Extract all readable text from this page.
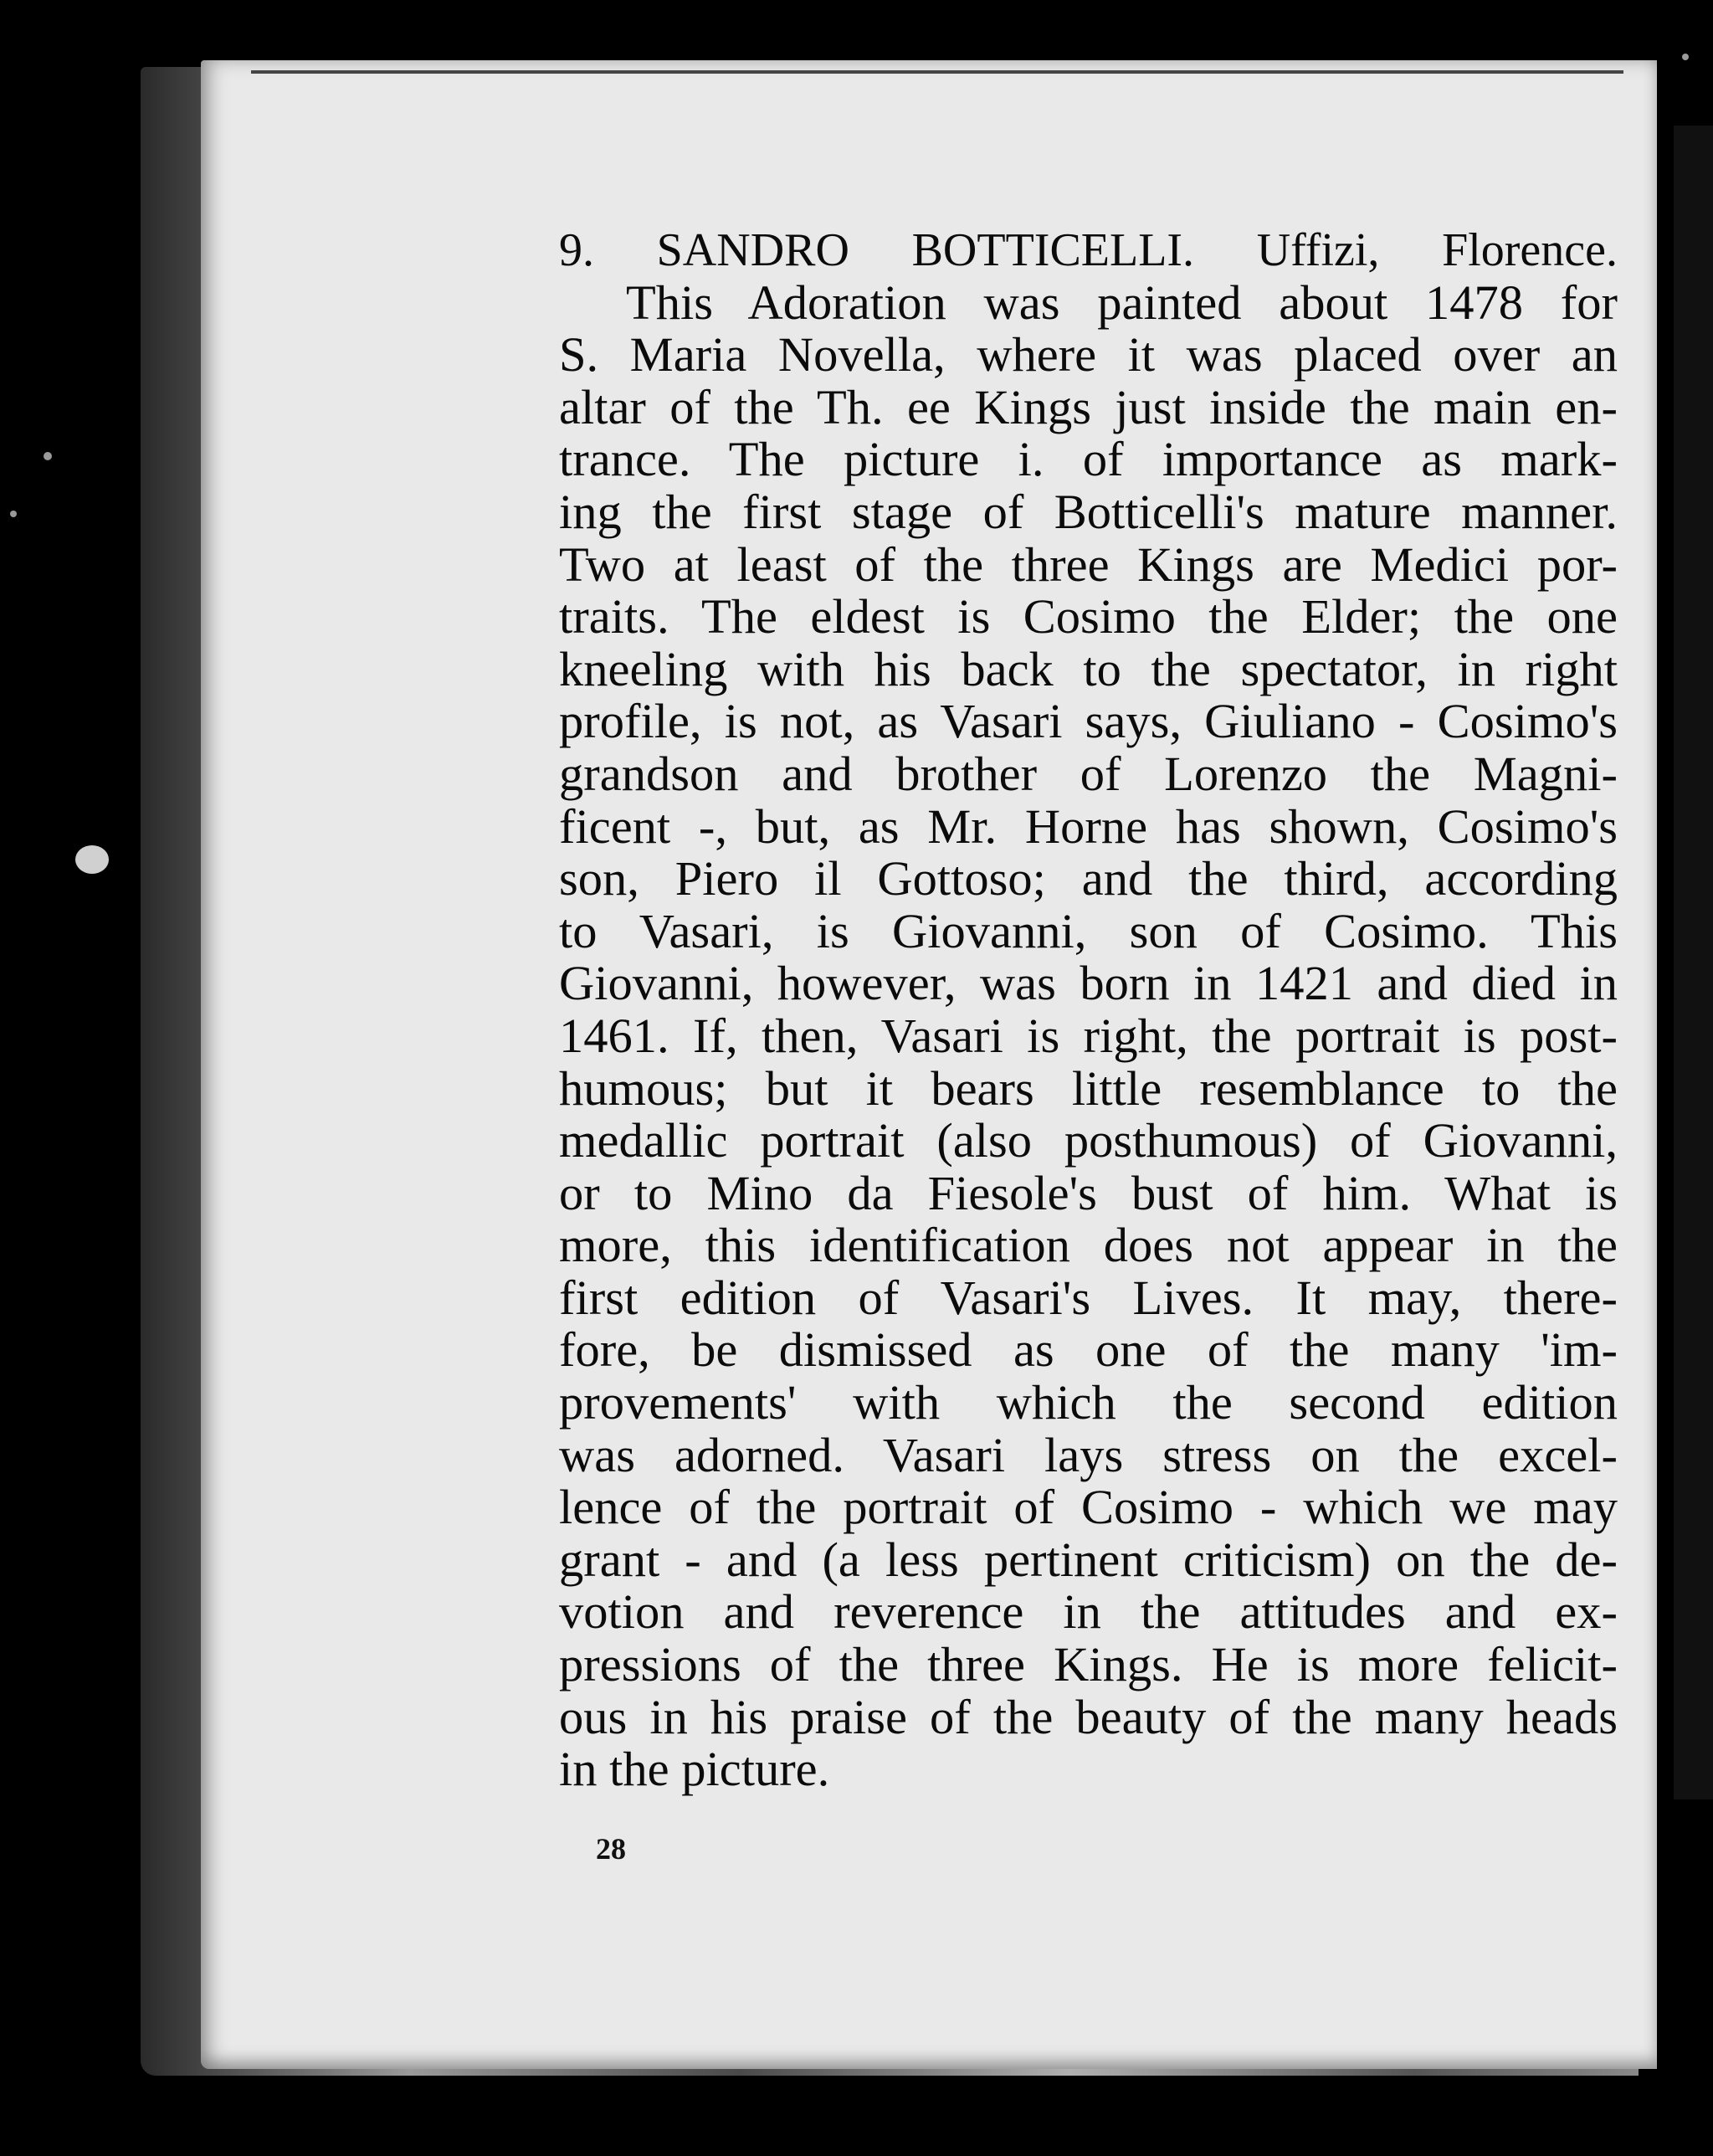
9. SANDRO BOTTICELLI. Uffizi, Florence.
This Adoration was painted about 1478 for
S. Maria Novella, where it was placed over an
altar of the Th. ee Kings just inside the main en-
trance. The picture i. of importance as mark-
ing the first stage of Botticelli's mature manner.
Two at least of the three Kings are Medici por-
traits. The eldest is Cosimo the Elder; the one
kneeling with his back to the spectator, in right
profile, is not, as Vasari says, Giuliano - Cosimo's
grandson and brother of Lorenzo the Magni-
ficent -, but, as Mr. Horne has shown, Cosimo's
son, Piero il Gottoso; and the third, according
to Vasari, is Giovanni, son of Cosimo. This
Giovanni, however, was born in 1421 and died in
1461. If, then, Vasari is right, the portrait is post-
humous; but it bears little resemblance to the
medallic portrait (also posthumous) of Giovanni,
or to Mino da Fiesole's bust of him. What is
more, this identification does not appear in the
first edition of Vasari's Lives. It may, there-
fore, be dismissed as one of the many 'im-
provements' with which the second edition
was adorned. Vasari lays stress on the excel-
lence of the portrait of Cosimo - which we may
grant - and (a less pertinent criticism) on the de-
votion and reverence in the attitudes and ex-
pressions of the three Kings. He is more felicit-
ous in his praise of the beauty of the many heads
in the picture.
28
